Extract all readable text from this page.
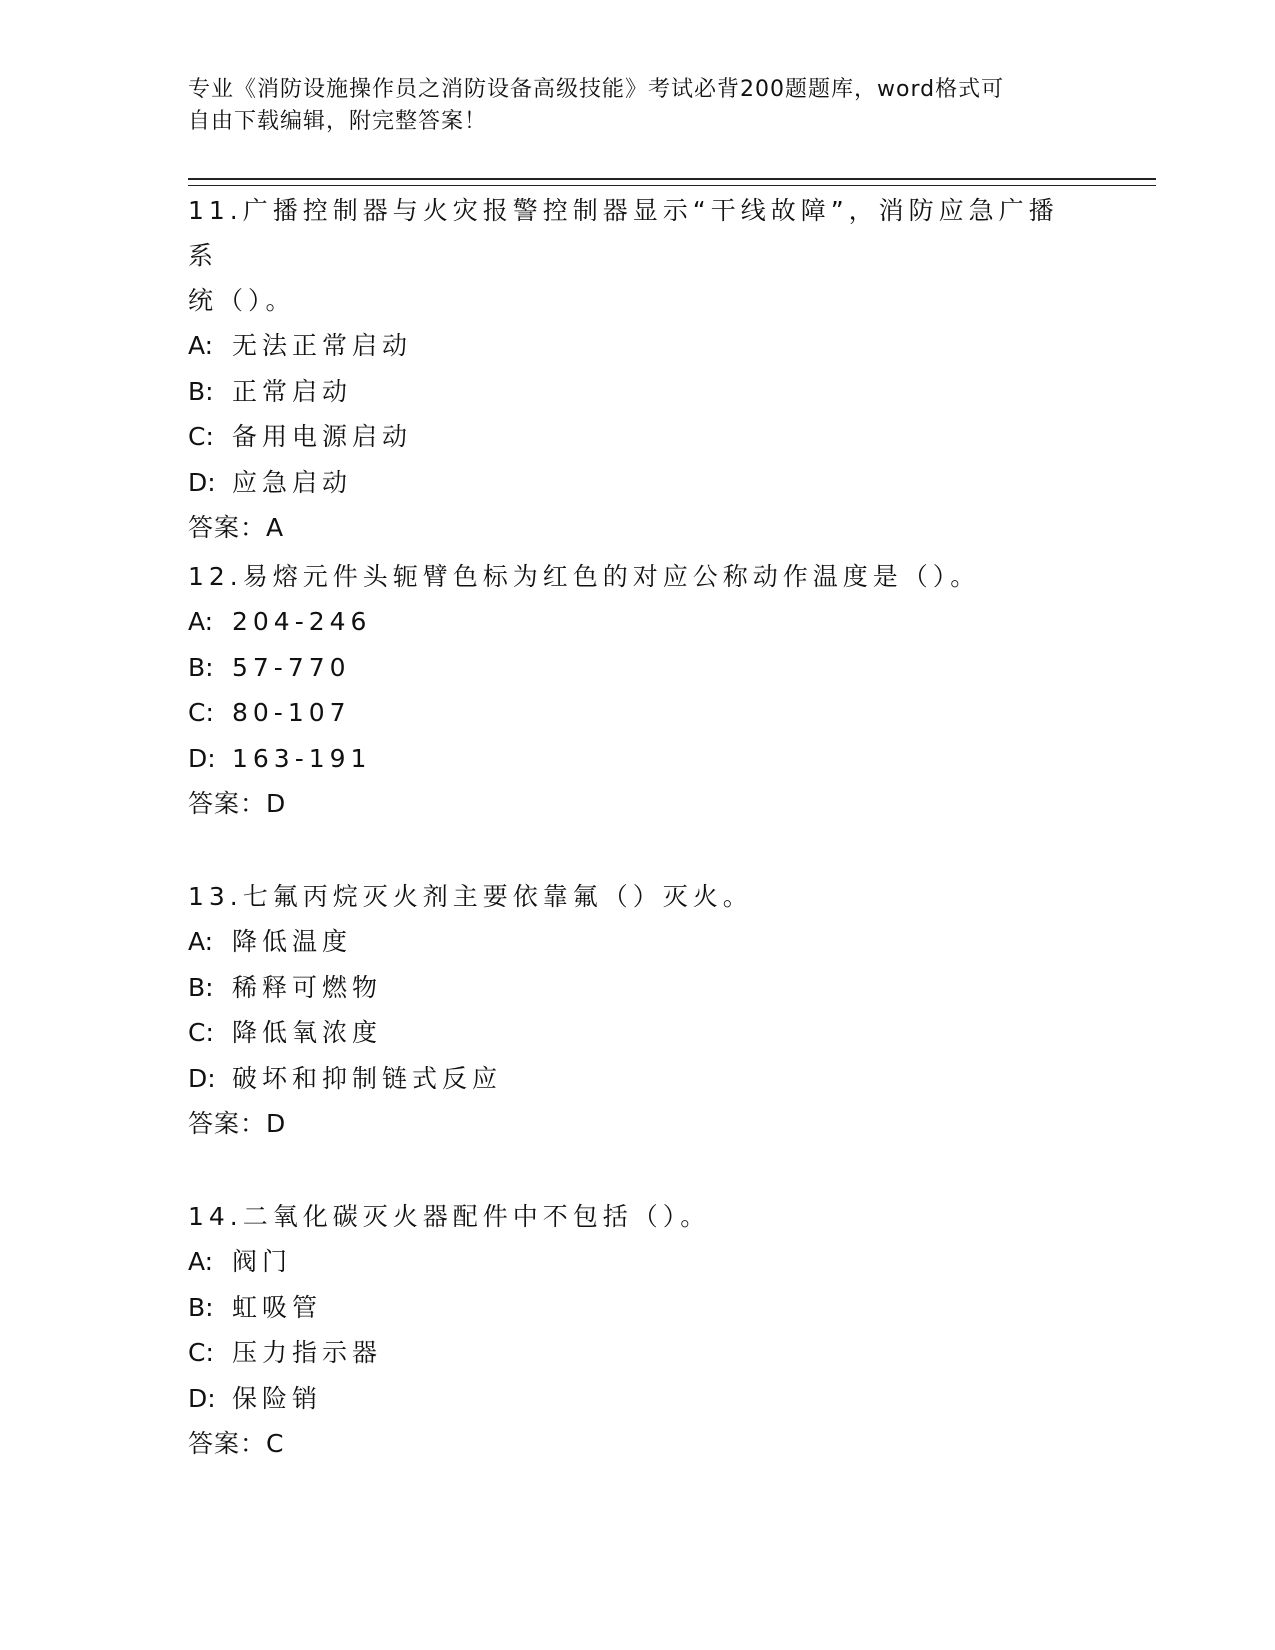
专业《消防设施操作员之消防设备高级技能》考试必背200题题库，word格式可
自由下载编辑，附完整答案！
11.广播控制器与火灾报警控制器显示“干线故障”，消防应急广播系
统（）。
A: 无法正常启动
B: 正常启动
C: 备用电源启动
D: 应急启动
答案：A
12.易熔元件头轭臂色标为红色的对应公称动作温度是（）。
A: 204-246
B: 57-770
C: 80-107
D: 163-191
答案：D
13.七氟丙烷灭火剂主要依靠氟（）灭火。
A: 降低温度
B: 稀释可燃物
C: 降低氧浓度
D: 破坏和抑制链式反应
答案：D
14.二氧化碳灭火器配件中不包括（）。
A: 阀门
B: 虹吸管
C: 压力指示器
D: 保险销
答案：C
